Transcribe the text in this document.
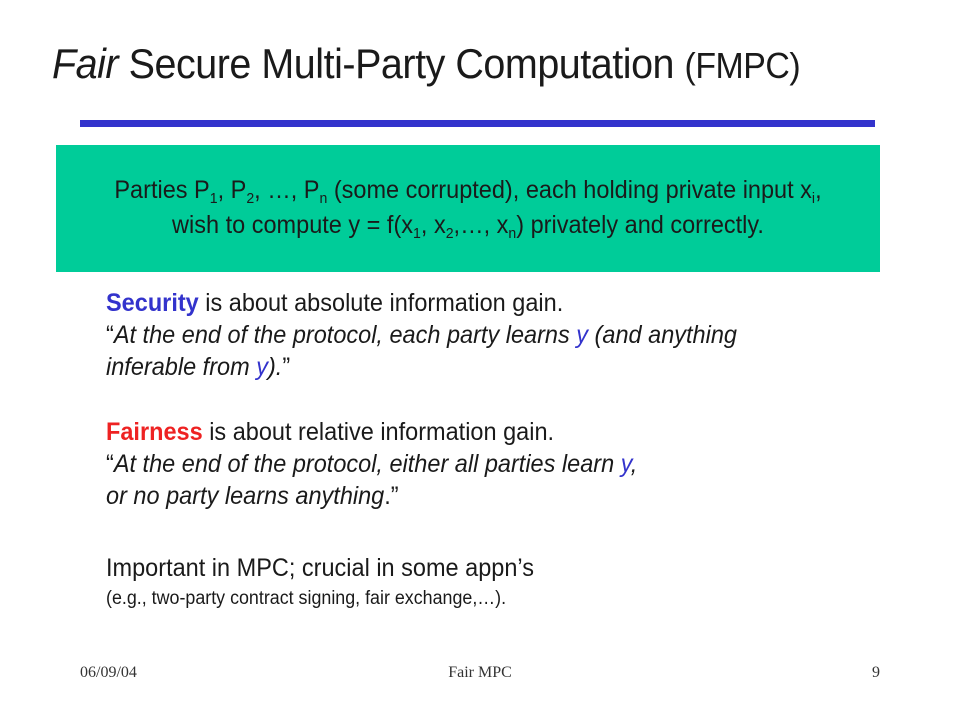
Fair Secure Multi-Party Computation (FMPC)
Parties $P_1$, $P_2$, …, $P_n$ (some corrupted), each holding private input $x_i$,
wish to compute $y = f(x_1$, $x_2,\dots$, $x_n$) privately and correctly.
Security is about absolute information gain.
“At the end of the protocol, each party learns y (and anything
inferable from y).”
Fairness is about relative information gain.
“At the end of the protocol, either all parties learn y,
or no party learns anything.”
Important in MPC; crucial in some appn’s
(e.g., two-party contract signing, fair exchange,…).
06/09/04	Fair MPC	9
